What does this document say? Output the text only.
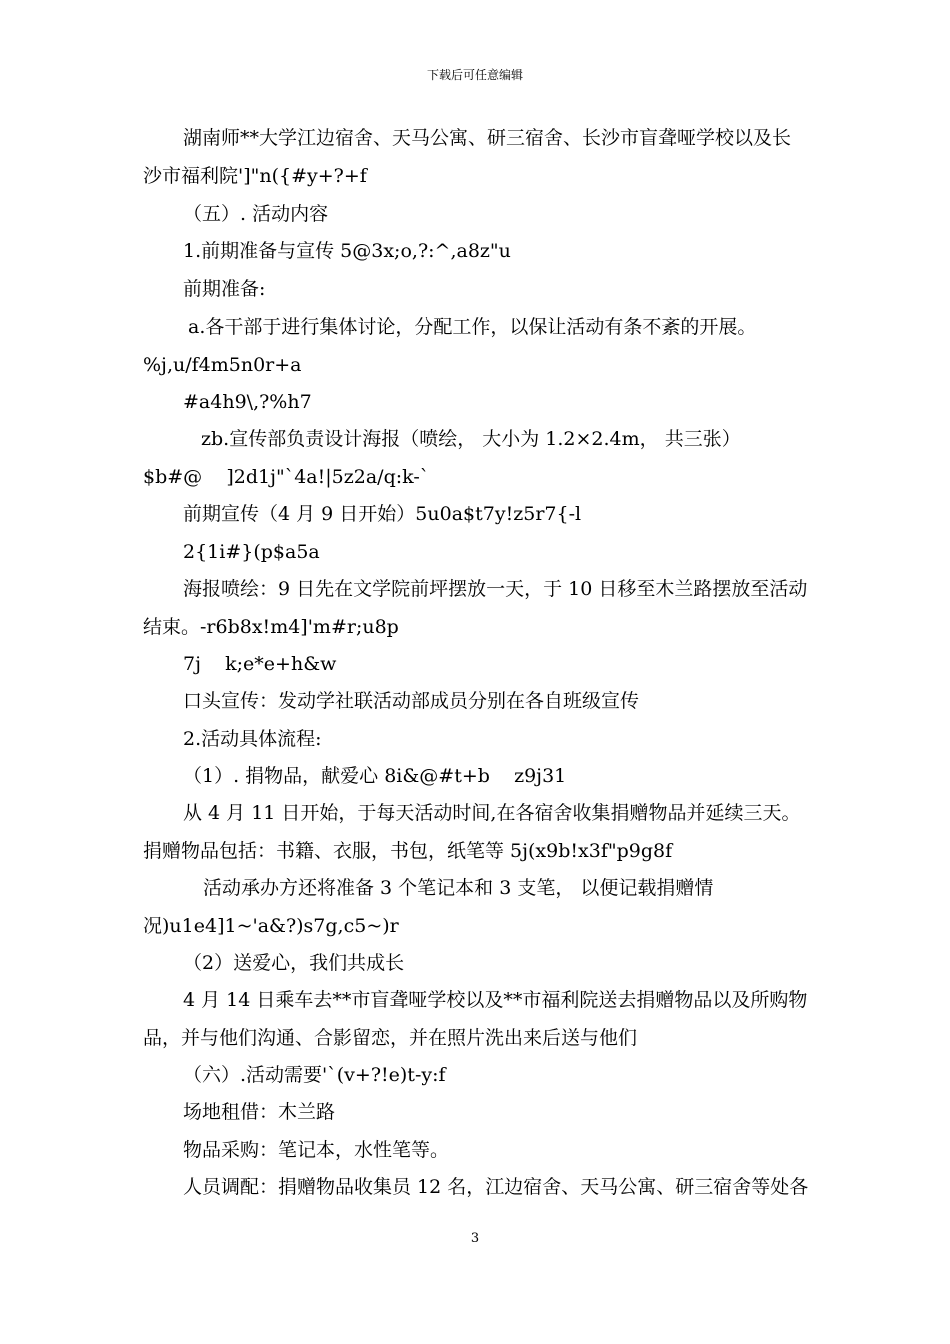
下载后可任意编辑
湖南师**大学江边宿舍、天马公寓、研三宿舍、长沙市盲聋哑学校以及长
沙市福利院']"n({#y+?+f
（五）. 活动内容
1.前期准备与宣传 5@3x;o,?:^,a8z"u
前期准备:
a.各干部于进行集体讨论，分配工作，以保让活动有条不紊的开展。
%j,u/f4m5n0r+a
#a4h9\,?%h7
zb.宣传部负责设计海报（喷绘， 大小为 1.2×2.4m， 共三张）
$b#@    ]2d1j"`4a!|5z2a/q:k-`
前期宣传（4 月 9 日开始）5u0a$t7y!z5r7{-l
2{1i#}(p$a5a
海报喷绘：9 日先在文学院前坪摆放一天，于 10 日移至木兰路摆放至活动
结束。-r6b8x!m4]'m#r;u8p
7j    k;e*e+h&w
口头宣传：发动学社联活动部成员分别在各自班级宣传
2.活动具体流程:
（1）. 捐物品，献爱心 8i&@#t+b    z9j31
从 4 月 11 日开始，于每天活动时间,在各宿舍收集捐赠物品并延续三天。
捐赠物品包括：书籍、衣服，书包，纸笔等 5j(x9b!x3f"p9g8f
活动承办方还将准备 3 个笔记本和 3 支笔， 以便记载捐赠情
况)u1e4]1~'a&?)s7g,c5~)r
（2）送爱心，我们共成长
4 月 14 日乘车去**市盲聋哑学校以及**市福利院送去捐赠物品以及所购物
品，并与他们沟通、合影留恋，并在照片洗出来后送与他们
（六）.活动需要'`(v+?!e)t-y:f
场地租借：木兰路
物品采购：笔记本，水性笔等。
人员调配：捐赠物品收集员 12 名，江边宿舍、天马公寓、研三宿舍等处各
3
